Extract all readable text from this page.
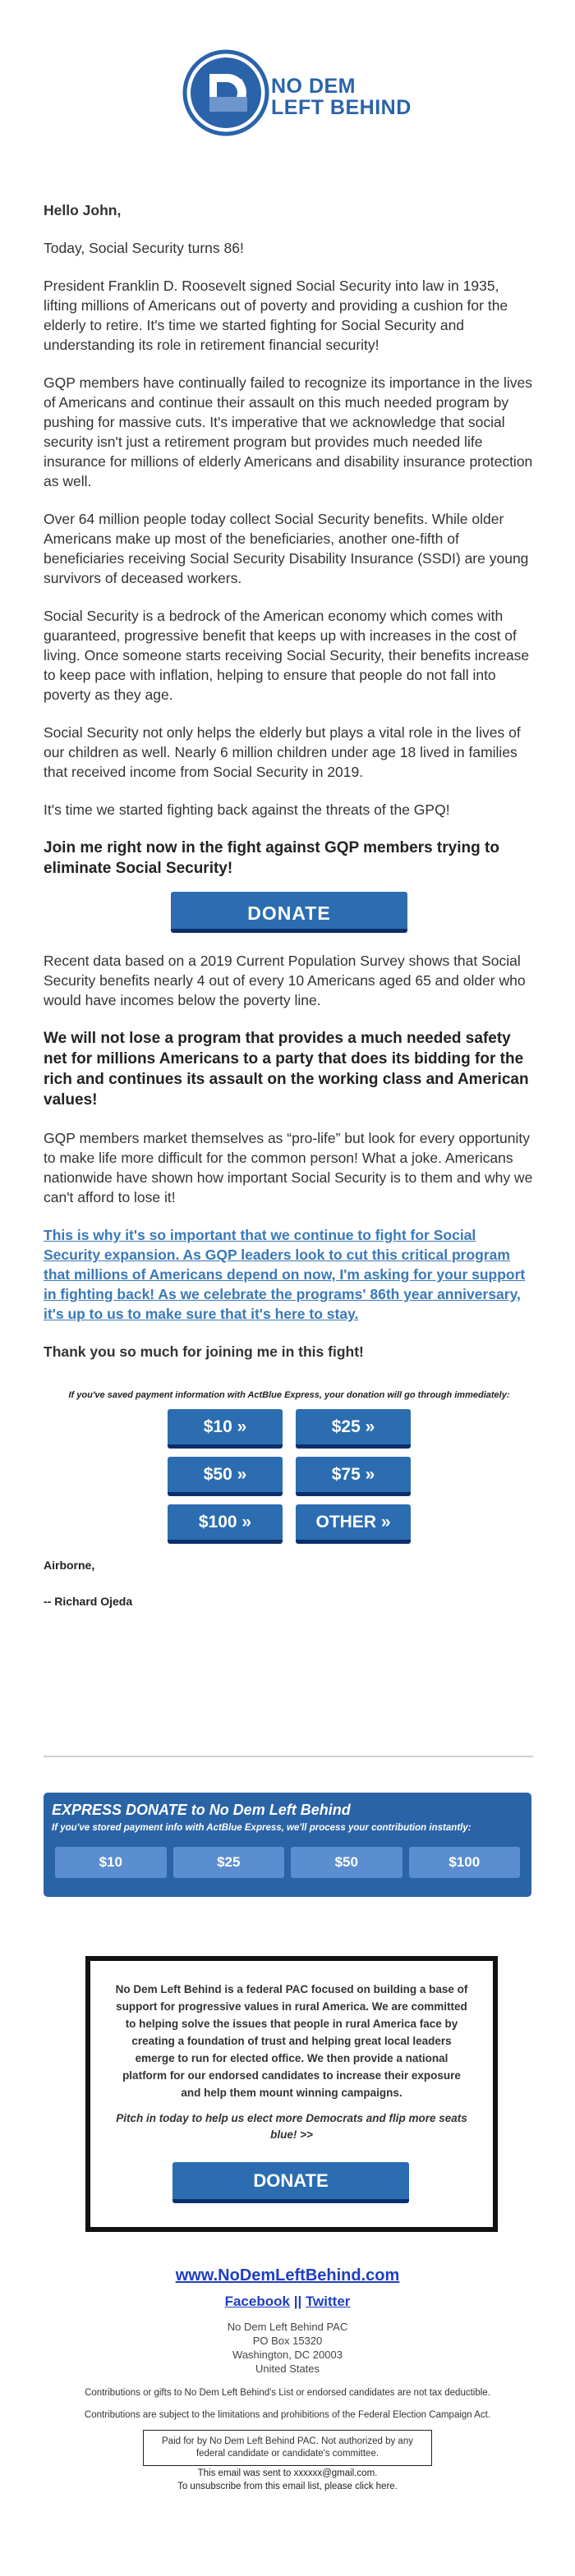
NO DEM
LEFT BEHIND

Hello John,

Today, Social Security turns 86!

President Franklin D. Roosevelt signed Social Security into law in 1935, lifting millions of Americans out of poverty and providing a cushion for the elderly to retire. It's time we started fighting for Social Security and understanding its role in retirement financial security!

GQP members have continually failed to recognize its importance in the lives of Americans and continue their assault on this much needed program by pushing for massive cuts. It's imperative that we acknowledge that social security isn't just a retirement program but provides much needed life insurance for millions of elderly Americans and disability insurance protection as well.

Over 64 million people today collect Social Security benefits. While older Americans make up most of the beneficiaries, another one-fifth of beneficiaries receiving Social Security Disability Insurance (SSDI) are young survivors of deceased workers.

Social Security is a bedrock of the American economy which comes with guaranteed, progressive benefit that keeps up with increases in the cost of living. Once someone starts receiving Social Security, their benefits increase to keep pace with inflation, helping to ensure that people do not fall into poverty as they age.

Social Security not only helps the elderly but plays a vital role in the lives of our children as well. Nearly 6 million children under age 18 lived in families that received income from Social Security in 2019.

It's time we started fighting back against the threats of the GPQ!

Join me right now in the fight against GQP members trying to eliminate Social Security!

DONATE

Recent data based on a 2019 Current Population Survey shows that Social Security benefits nearly 4 out of every 10 Americans aged 65 and older who would have incomes below the poverty line.

We will not lose a program that provides a much needed safety net for millions Americans to a party that does its bidding for the rich and continues its assault on the working class and American values!

GQP members market themselves as “pro-life” but look for every opportunity to make life more difficult for the common person! What a joke. Americans nationwide have shown how important Social Security is to them and why we can't afford to lose it!

This is why it's so important that we continue to fight for Social Security expansion. As GQP leaders look to cut this critical program that millions of Americans depend on now, I'm asking for your support in fighting back! As we celebrate the programs' 86th year anniversary, it's up to us to make sure that it's here to stay.

Thank you so much for joining me in this fight!

If you've saved payment information with ActBlue Express, your donation will go through immediately:
$10 »	$25 »
$50 »	$75 »
$100 »	OTHER »
Airborne,
-- Richard Ojeda
EXPRESS DONATE to No Dem Left Behind
If you've stored payment info with ActBlue Express, we'll process your contribution instantly:
$10	$25	$50	$100
No Dem Left Behind is a federal PAC focused on building a base of support for progressive values in rural America. We are committed to helping solve the issues that people in rural America face by creating a foundation of trust and helping great local leaders emerge to run for elected office. We then provide a national platform for our endorsed candidates to increase their exposure and help them mount winning campaigns.
Pitch in today to help us elect more Democrats and flip more seats blue! >>
DONATE
www.NoDemLeftBehind.com
Facebook || Twitter
No Dem Left Behind PAC
PO Box 15320
Washington, DC 20003
United States
Contributions or gifts to No Dem Left Behind's List or endorsed candidates are not tax deductible.
Contributions are subject to the limitations and prohibitions of the Federal Election Campaign Act.
Paid for by No Dem Left Behind PAC. Not authorized by any federal candidate or candidate's committee.
This email was sent to xxxxxx@gmail.com.
To unsubscribe from this email list, please click here.
